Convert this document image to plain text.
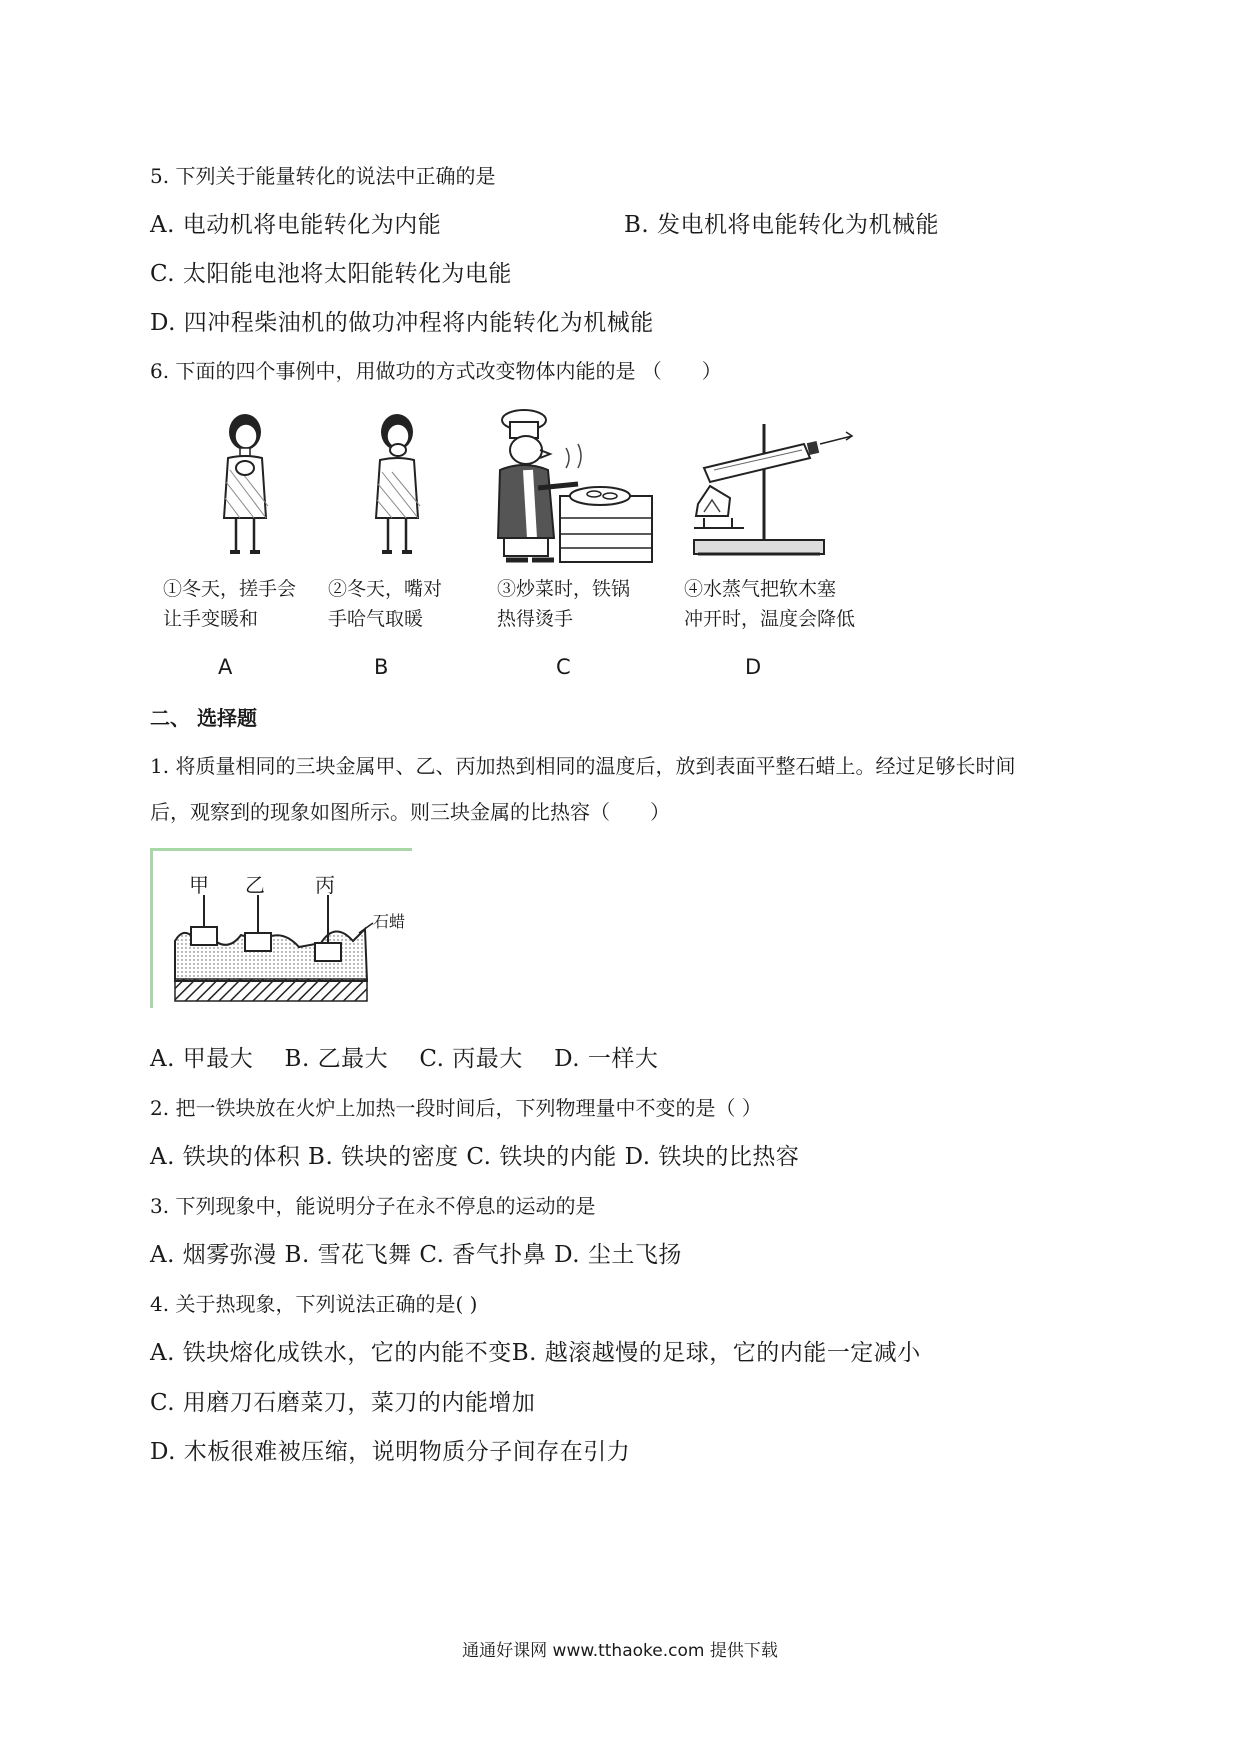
5. 下列关于能量转化的说法中正确的是
A. 电动机将电能转化为内能	B. 发电机将电能转化为机械能
C. 太阳能电池将太阳能转化为电能
D. 四冲程柴油机的做功冲程将内能转化为机械能
6. 下面的四个事例中，用做功的方式改变物体内能的是 （　　）
①冬天，搓手会
让手变暖和
②冬天，嘴对
手哈气取暖
③炒菜时，铁锅
热得烫手
④水蒸气把软木塞
冲开时，温度会降低
A	B	C	D
二、 选择题
1. 将质量相同的三块金属甲、乙、丙加热到相同的温度后，放到表面平整石蜡上。经过足够长时间
后，观察到的现象如图所示。则三块金属的比热容（　　）
甲 乙	丙
石蜡
A. 甲最大　 B. 乙最大　 C. 丙最大　 D. 一样大
2. 把一铁块放在火炉上加热一段时间后，下列物理量中不变的是（ ）
A. 铁块的体积 B. 铁块的密度 C. 铁块的内能 D. 铁块的比热容
3. 下列现象中，能说明分子在永不停息的运动的是
A. 烟雾弥漫 B. 雪花飞舞 C. 香气扑鼻 D. 尘土飞扬
4. 关于热现象，下列说法正确的是( )
A. 铁块熔化成铁水，它的内能不变B. 越滚越慢的足球，它的内能一定减小
C. 用磨刀石磨菜刀，菜刀的内能增加
D. 木板很难被压缩，说明物质分子间存在引力
通通好课网 www.tthaoke.com 提供下载
